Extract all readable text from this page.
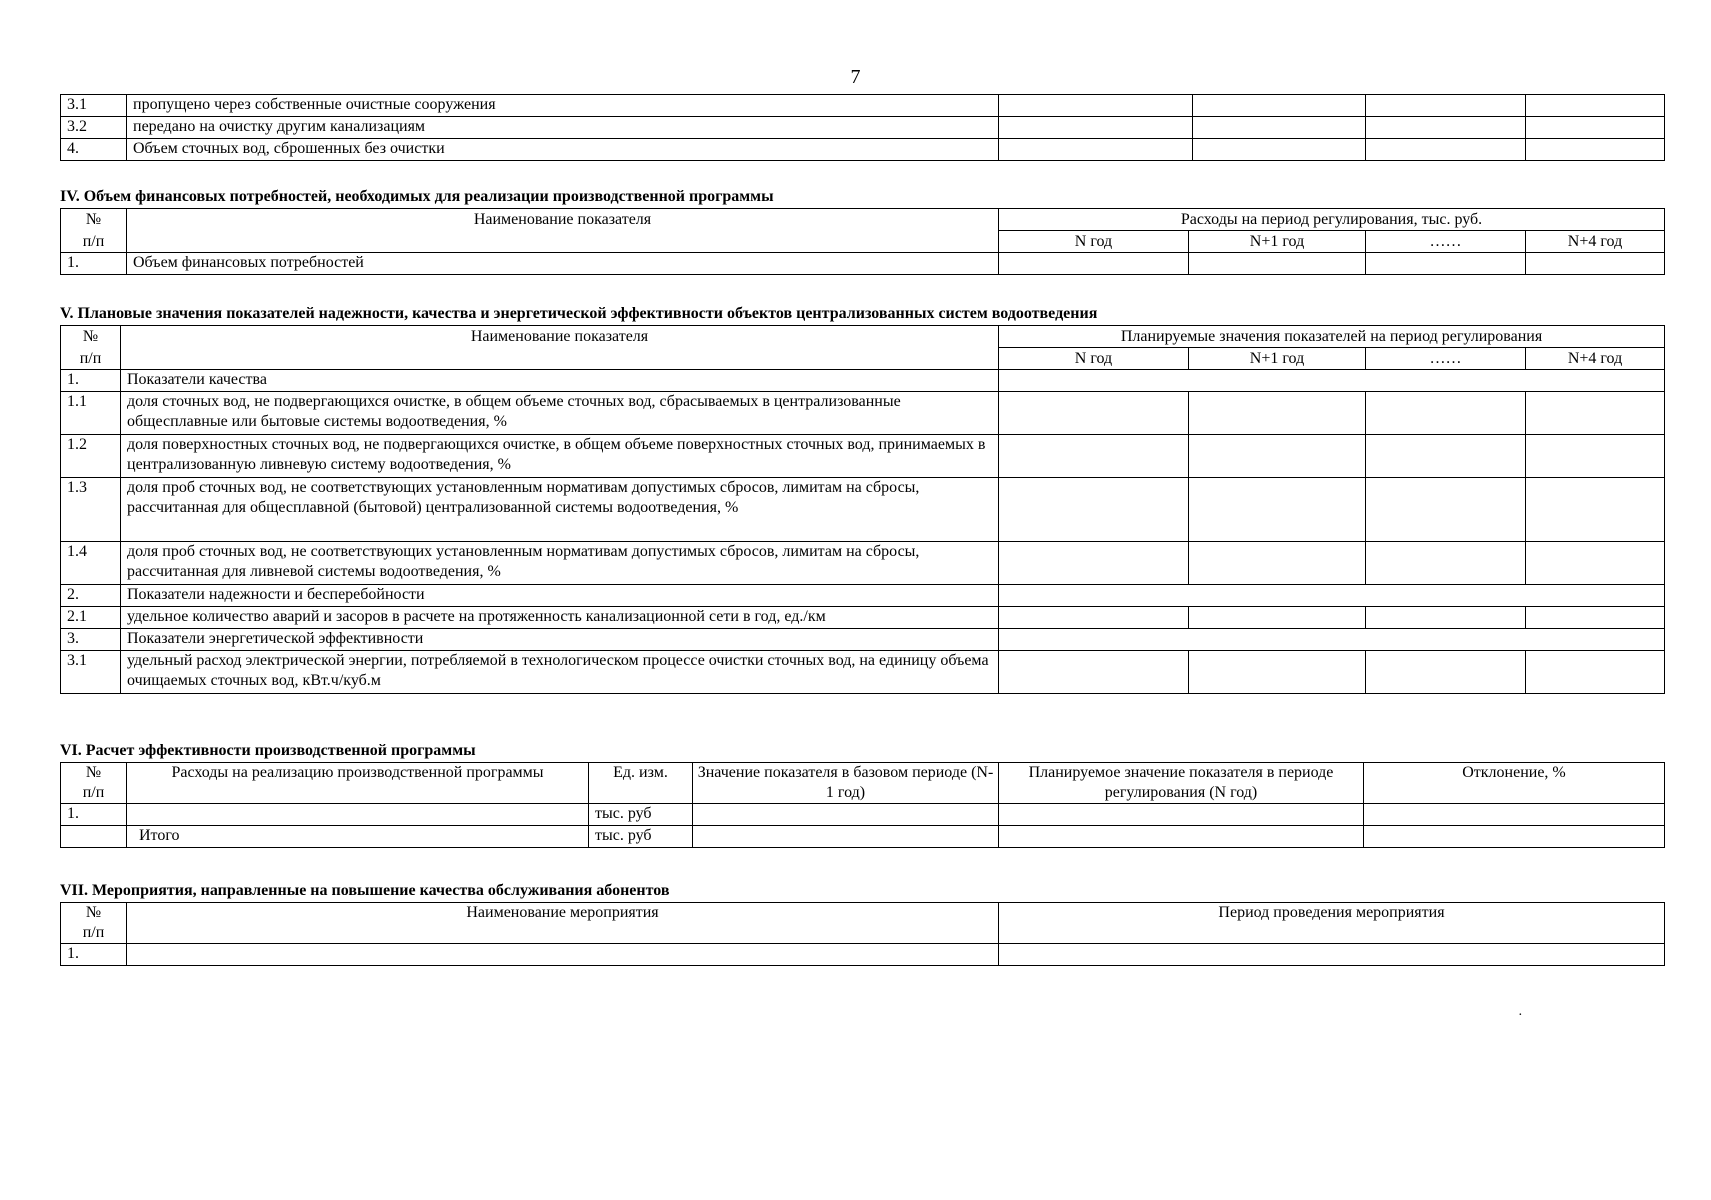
7
3.1	пропущено через собственные очистные сооружения				
3.2	передано на очистку другим канализациям				
4.	Объем сточных вод, сброшенных без очистки				
IV. Объем финансовых потребностей, необходимых для реализации производственной программы
№	Наименование показателя	Расходы на период регулирования, тыс. руб.			
п/п		N год	N+1 год	……	N+4 год
1.	Объем финансовых потребностей				
V. Плановые значения показателей надежности, качества и энергетической эффективности объектов централизованных систем водоотведения
№	Наименование показателя	Планируемые значения показателей на период регулирования			
п/п		N год	N+1 год	……	N+4 год
1.	Показатели качества				
1.1	доля сточных вод, не подвергающихся очистке, в общем объеме сточных вод, сбрасываемых в централизованные общесплавные или бытовые системы водоотведения, %				
1.2	доля поверхностных сточных вод, не подвергающихся очистке, в общем объеме поверхностных сточных вод, принимаемых в централизованную ливневую систему водоотведения, %				
1.3	доля проб сточных вод, не соответствующих установленным нормативам допустимых сбросов, лимитам на сбросы, рассчитанная для общесплавной (бытовой) централизованной системы водоотведения, %				
1.4	доля проб сточных вод, не соответствующих установленным нормативам допустимых сбросов, лимитам на сбросы, рассчитанная для ливневой системы водоотведения, %				
2.	Показатели надежности и бесперебойности				
2.1	удельное количество аварий и засоров в расчете на протяженность канализационной сети в год, ед./км				
3.	Показатели энергетической эффективности				
3.1	удельный расход электрической энергии, потребляемой в технологическом процессе очистки сточных вод, на единицу объема очищаемых сточных вод, кВт.ч/куб.м				
VI. Расчет эффективности производственной программы
№
п/п	Расходы на реализацию производственной программы	Ед. изм.	Значение показателя в базовом периоде (N-1 год)	Планируемое значение показателя в периоде регулирования (N год)	Отклонение, %
1.		тыс. руб			
	Итого	тыс. руб			
VII. Мероприятия, направленные на повышение качества обслуживания абонентов
№
п/п	Наименование мероприятия	Период проведения мероприятия
1.		
·
